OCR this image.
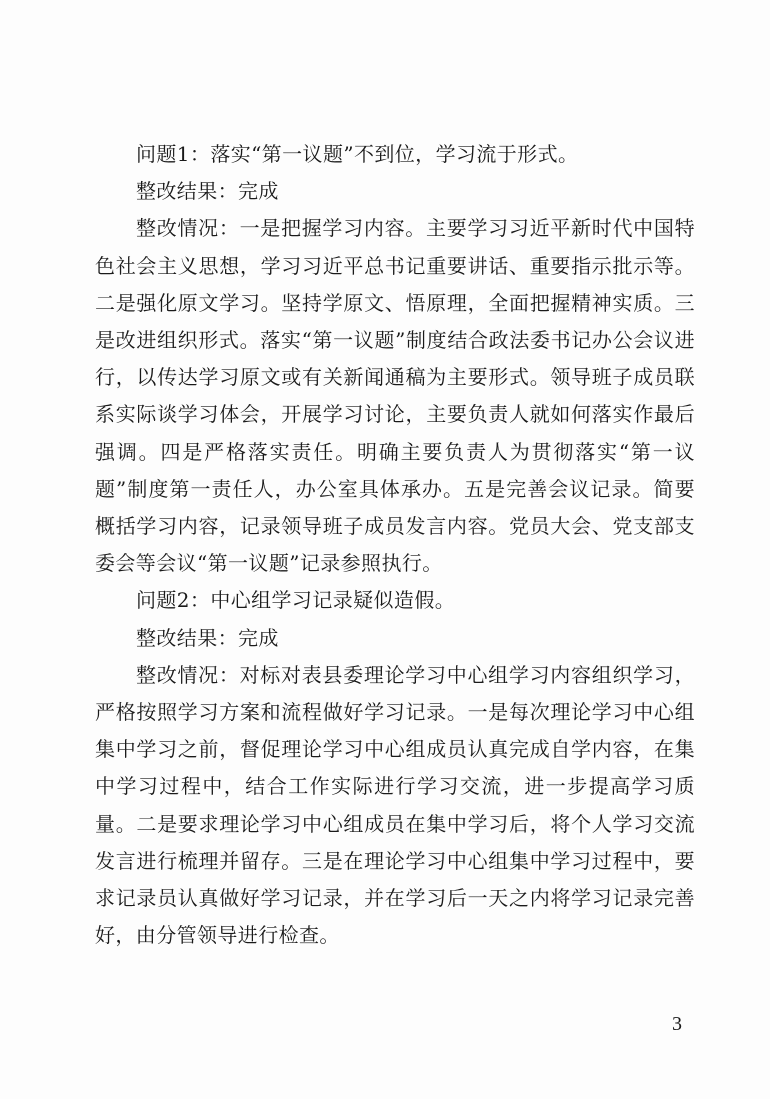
问题1：落实“第一议题”不到位，学习流于形式。

整改结果：完成

整改情况：一是把握学习内容。主要学习习近平新时代中国特色社会主义思想，学习习近平总书记重要讲话、重要指示批示等。二是强化原文学习。坚持学原文、悟原理，全面把握精神实质。三是改进组织形式。落实“第一议题”制度结合政法委书记办公会议进行，以传达学习原文或有关新闻通稿为主要形式。领导班子成员联系实际谈学习体会，开展学习讨论，主要负责人就如何落实作最后强调。四是严格落实责任。明确主要负责人为贯彻落实“第一议题”制度第一责任人，办公室具体承办。五是完善会议记录。简要概括学习内容，记录领导班子成员发言内容。党员大会、党支部支委会等会议“第一议题”记录参照执行。

问题2：中心组学习记录疑似造假。

整改结果：完成

整改情况：对标对表县委理论学习中心组学习内容组织学习，严格按照学习方案和流程做好学习记录。一是每次理论学习中心组集中学习之前，督促理论学习中心组成员认真完成自学内容，在集中学习过程中，结合工作实际进行学习交流，进一步提高学习质量。二是要求理论学习中心组成员在集中学习后，将个人学习交流发言进行梳理并留存。三是在理论学习中心组集中学习过程中，要求记录员认真做好学习记录，并在学习后一天之内将学习记录完善好，由分管领导进行检查。

3
